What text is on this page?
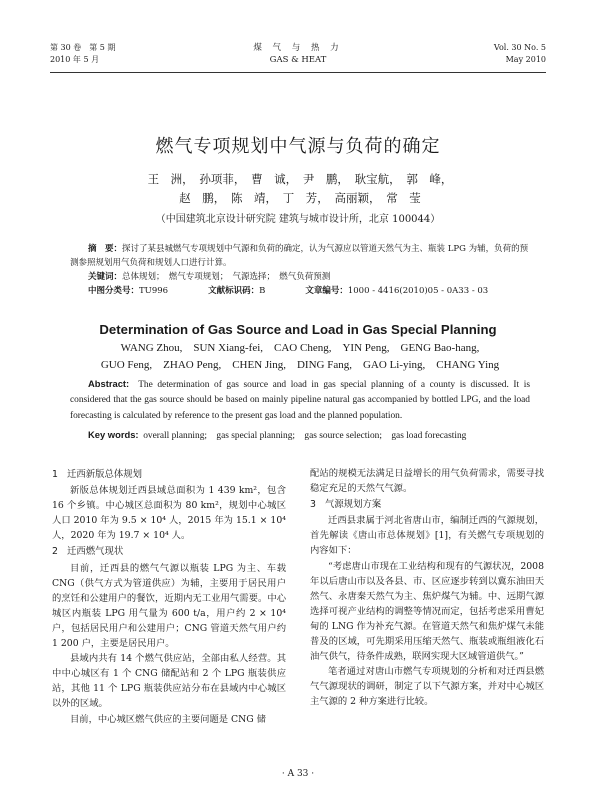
第 30 卷　第 5 期
2010 年 5 月
煤 气 与 热 力
GAS & HEAT
Vol. 30 No. 5
May 2010
燃气专项规划中气源与负荷的确定
王　洲，　孙项菲，　曹　诚，　尹　鹏，　耿宝航，　郭　峰，
赵　鹏，　陈　靖，　丁　芳，　高丽颖，　常　莹
（中国建筑北京设计研究院 建筑与城市设计所，北京 100044）
摘　要：探讨了某县城燃气专项规划中气源和负荷的确定，认为气源应以管道天然气为主、瓶装 LPG 为辅，负荷的预测参照规划用气负荷和规划人口进行计算。
关键词：总体规划；　燃气专项规划；　气源选择；　燃气负荷预测
中图分类号：TU996	文献标识码：B	文章编号：1000 - 4416(2010)05 - 0A33 - 03
Determination of Gas Source and Load in Gas Special Planning
WANG Zhou,　SUN Xiang-fei,　CAO Cheng,　YIN Peng,　GENG Bao-hang,
GUO Feng,　ZHAO Peng,　CHEN Jing,　DING Fang,　GAO Li-ying,　CHANG Ying
Abstract: The determination of gas source and load in gas special planning of a county is discussed. It is considered that the gas source should be based on mainly pipeline natural gas accompanied by bottled LPG, and the load forecasting is calculated by reference to the present gas load and the planned population.
Key words: overall planning;　gas special planning;　gas source selection;　gas load forecasting

1 迁西新版总体规划

新版总体规划迁西县域总面积为 1 439 km²，包含 16 个乡镇。中心城区总面积为 80 km²，规划中心城区人口 2010 年为 9.5 × 10⁴ 人，2015 年为 15.1 × 10⁴ 人，2020 年为 19.7 × 10⁴ 人。

2 迁西燃气现状

目前，迁西县的燃气气源以瓶装 LPG 为主、车载 CNG（供气方式为管道供应）为辅，主要用于居民用户的烹饪和公建用户的餐饮，近期内无工业用气需要。中心城区内瓶装 LPG 用气量为 600 t/a，用户约 2 × 10⁴ 户，包括居民用户和公建用户；CNG 管道天然气用户约 1 200 户，主要是居民用户。

县域内共有 14 个燃气供应站，全部由私人经营。其中中心城区有 1 个 CNG 储配站和 2 个 LPG 瓶装供应站，其他 11 个 LPG 瓶装供应站分布在县域内中心城区以外的区域。

目前，中心城区燃气供应的主要问题是 CNG 储

配站的规模无法满足日益增长的用气负荷需求，需要寻找稳定充足的天然气气源。

3 气源规划方案

迁西县隶属于河北省唐山市，编制迁西的气源规划，首先解读《唐山市总体规划》[1]，有关燃气专项规划的内容如下：

“考虑唐山市现在工业结构和现有的气源状况，2008 年以后唐山市以及各县、市、区应逐步转到以冀东油田天然气、永唐秦天然气为主、焦炉煤气为辅。中、远期气源选择可视产业结构的调整等情况而定，包括考虑采用曹妃甸的 LNG 作为补充气源。在管道天然气和焦炉煤气未能普及的区域，可先期采用压缩天然气、瓶装或瓶组液化石油气供气，待条件成熟，联网实现大区域管道供气。”

笔者通过对唐山市燃气专项规划的分析和对迁西县燃气气源现状的调研，制定了以下气源方案，并对中心城区主气源的 2 种方案进行比较。

· A 33 ·
